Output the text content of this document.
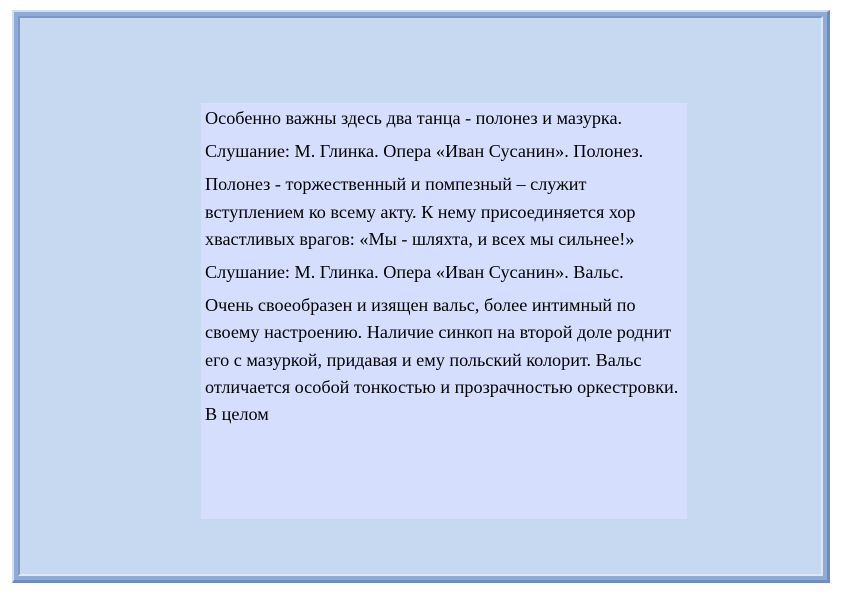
Особенно важны здесь два танца - полонез и мазурка.

Слушание: М. Глинка. Опера «Иван Сусанин». Полонез.

Полонез - торжественный и помпезный – служит вступлением ко всему акту. К нему присоединяется хор хвастливых врагов: «Мы - шляхта, и всех мы сильнее!»

Слушание: М. Глинка. Опера «Иван Сусанин». Вальс.

Очень своеобразен и изящен вальс, более интимный по своему настроению. Наличие синкоп на второй доле роднит его с мазуркой, придавая и ему польский колорит. Вальс отличается особой тонкостью и прозрачностью оркестровки. В целом
